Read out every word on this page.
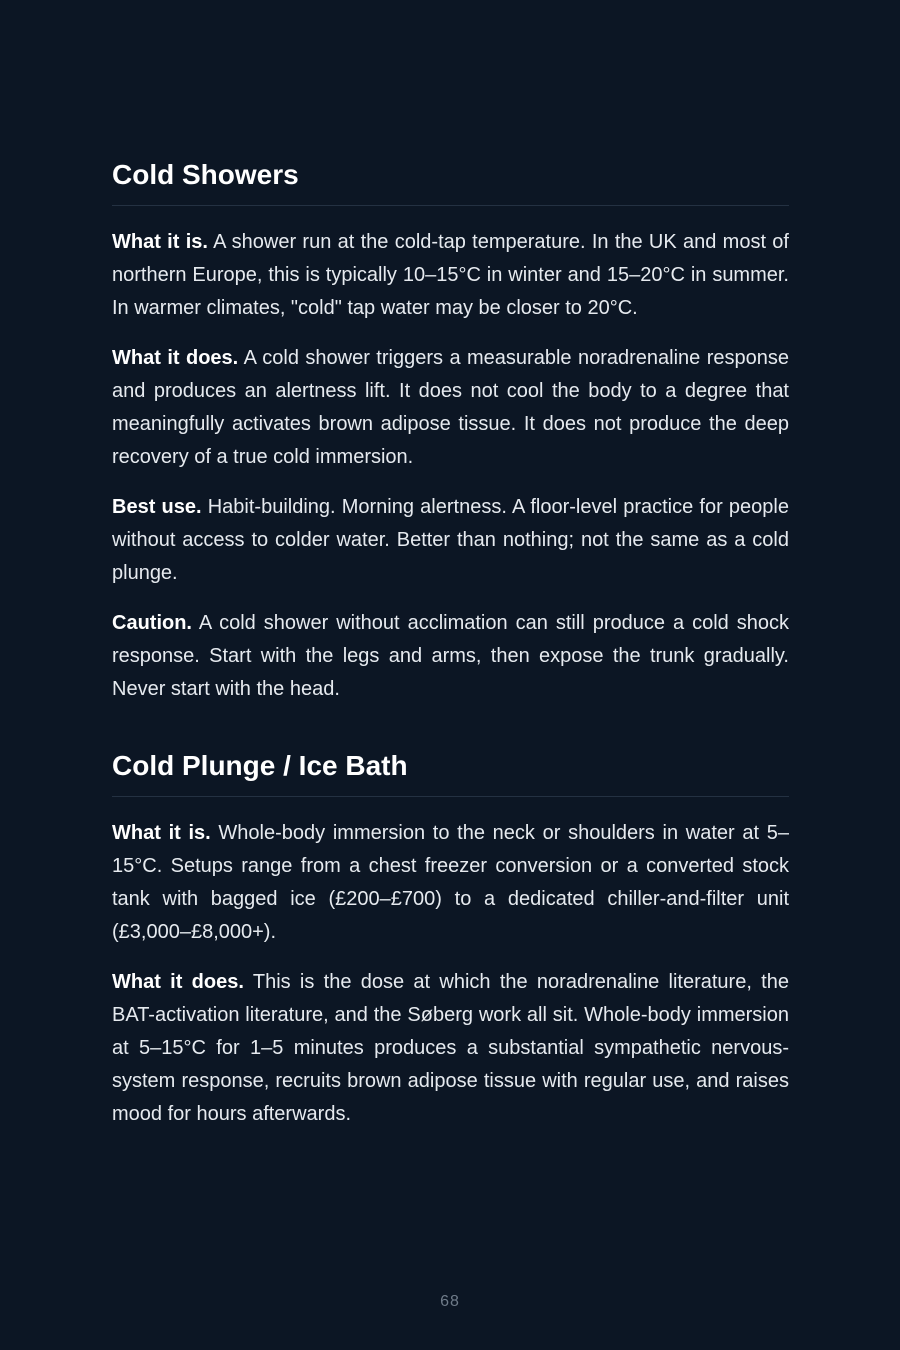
Cold Showers

What it is. A shower run at the cold-tap temperature. In the UK and most of northern Europe, this is typically 10–15°C in winter and 15–20°C in summer. In warmer climates, "cold" tap water may be closer to 20°C.

What it does. A cold shower triggers a measurable noradrenaline response and produces an alertness lift. It does not cool the body to a degree that meaningfully activates brown adipose tissue. It does not produce the deep recovery of a true cold immersion.

Best use. Habit-building. Morning alertness. A floor-level practice for people without access to colder water. Better than nothing; not the same as a cold plunge.

Caution. A cold shower without acclimation can still produce a cold shock response. Start with the legs and arms, then expose the trunk gradually. Never start with the head.

Cold Plunge / Ice Bath

What it is. Whole-body immersion to the neck or shoulders in water at 5–15°C. Setups range from a chest freezer conversion or a converted stock tank with bagged ice (£200–£700) to a dedicated chiller-and-filter unit (£3,000–£8,000+).

What it does. This is the dose at which the noradrenaline literature, the BAT-activation literature, and the Søberg work all sit. Whole-body immersion at 5–15°C for 1–5 minutes produces a substantial sympathetic nervous-system response, recruits brown adipose tissue with regular use, and raises mood for hours afterwards.

68
